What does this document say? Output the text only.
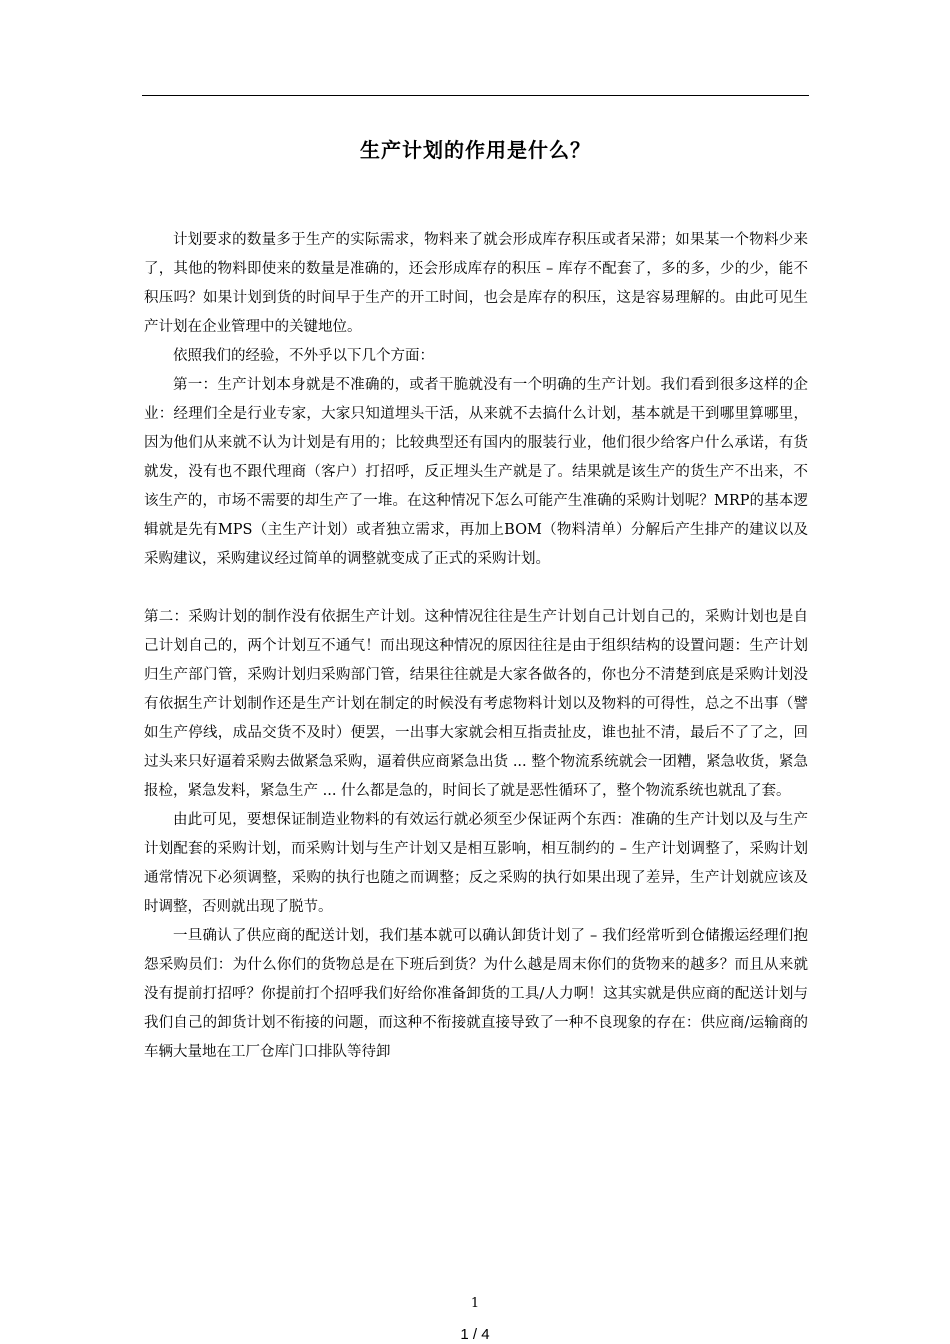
生产计划的作用是什么？

计划要求的数量多于生产的实际需求，物料来了就会形成库存积压或者呆滞；如果某一个物料少来了，其他的物料即使来的数量是准确的，还会形成库存的积压 – 库存不配套了，多的多，少的少，能不积压吗？如果计划到货的时间早于生产的开工时间，也会是库存的积压，这是容易理解的。由此可见生产计划在企业管理中的关键地位。

依照我们的经验，不外乎以下几个方面：

第一：生产计划本身就是不准确的，或者干脆就没有一个明确的生产计划。我们看到很多这样的企业：经理们全是行业专家，大家只知道埋头干活，从来就不去搞什么计划，基本就是干到哪里算哪里，因为他们从来就不认为计划是有用的；比较典型还有国内的服装行业，他们很少给客户什么承诺，有货就发，没有也不跟代理商（客户）打招呼，反正埋头生产就是了。结果就是该生产的货生产不出来，不该生产的，市场不需要的却生产了一堆。在这种情况下怎么可能产生准确的采购计划呢？MRP的基本逻辑就是先有MPS（主生产计划）或者独立需求，再加上BOM（物料清单）分解后产生排产的建议以及采购建议，采购建议经过简单的调整就变成了正式的采购计划。

第二：采购计划的制作没有依据生产计划。这种情况往往是生产计划自己计划自己的，采购计划也是自己计划自己的，两个计划互不通气！而出现这种情况的原因往往是由于组织结构的设置问题：生产计划归生产部门管，采购计划归采购部门管，结果往往就是大家各做各的，你也分不清楚到底是采购计划没有依据生产计划制作还是生产计划在制定的时候没有考虑物料计划以及物料的可得性，总之不出事（譬如生产停线，成品交货不及时）便罢，一出事大家就会相互指责扯皮，谁也扯不清，最后不了了之，回过头来只好逼着采购去做紧急采购，逼着供应商紧急出货 ... 整个物流系统就会一团糟，紧急收货，紧急报检，紧急发料，紧急生产 ... 什么都是急的，时间长了就是恶性循环了，整个物流系统也就乱了套。

由此可见，要想保证制造业物料的有效运行就必须至少保证两个东西：准确的生产计划以及与生产计划配套的采购计划，而采购计划与生产计划又是相互影响，相互制约的 – 生产计划调整了，采购计划通常情况下必须调整，采购的执行也随之而调整；反之采购的执行如果出现了差异，生产计划就应该及时调整，否则就出现了脱节。

一旦确认了供应商的配送计划，我们基本就可以确认卸货计划了 – 我们经常听到仓储搬运经理们抱怨采购员们：为什么你们的货物总是在下班后到货？为什么越是周末你们的货物来的越多？而且从来就没有提前打招呼？你提前打个招呼我们好给你准备卸货的工具/人力啊！这其实就是供应商的配送计划与我们自己的卸货计划不衔接的问题，而这种不衔接就直接导致了一种不良现象的存在：供应商/运输商的车辆大量地在工厂仓库门口排队等待卸

1
1 / 4
